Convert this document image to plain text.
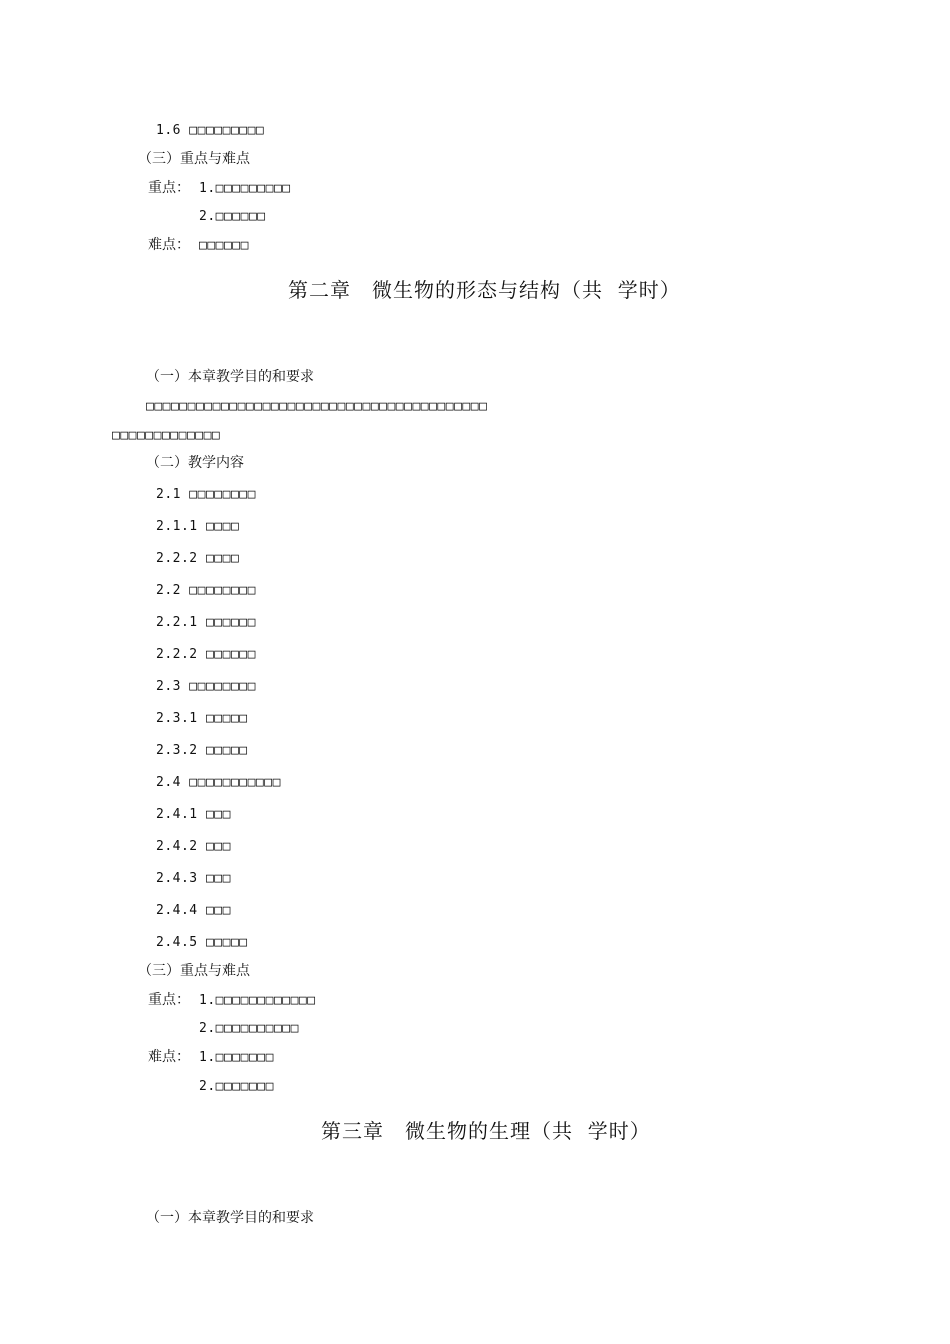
1.6 □□□□□□□□□
（三）重点与难点
重点： 1.□□□□□□□□□
2.□□□□□□
难点： □□□□□□
第二章　微生物的形态与结构（共  学时）
（一）本章教学目的和要求
□□□□□□□□□□□□□□□□□□□□□□□□□□□□□□□□□□□□□□□□□
□□□□□□□□□□□□□
（二）教学内容
2.1 □□□□□□□□
2.1.1 □□□□
2.2.2 □□□□
2.2 □□□□□□□□
2.2.1 □□□□□□
2.2.2 □□□□□□
2.3 □□□□□□□□
2.3.1 □□□□□
2.3.2 □□□□□
2.4 □□□□□□□□□□□
2.4.1 □□□
2.4.2 □□□
2.4.3 □□□
2.4.4 □□□
2.4.5 □□□□□
（三）重点与难点
重点： 1.□□□□□□□□□□□□
2.□□□□□□□□□□
难点： 1.□□□□□□□
2.□□□□□□□
第三章　微生物的生理（共  学时）
（一）本章教学目的和要求
